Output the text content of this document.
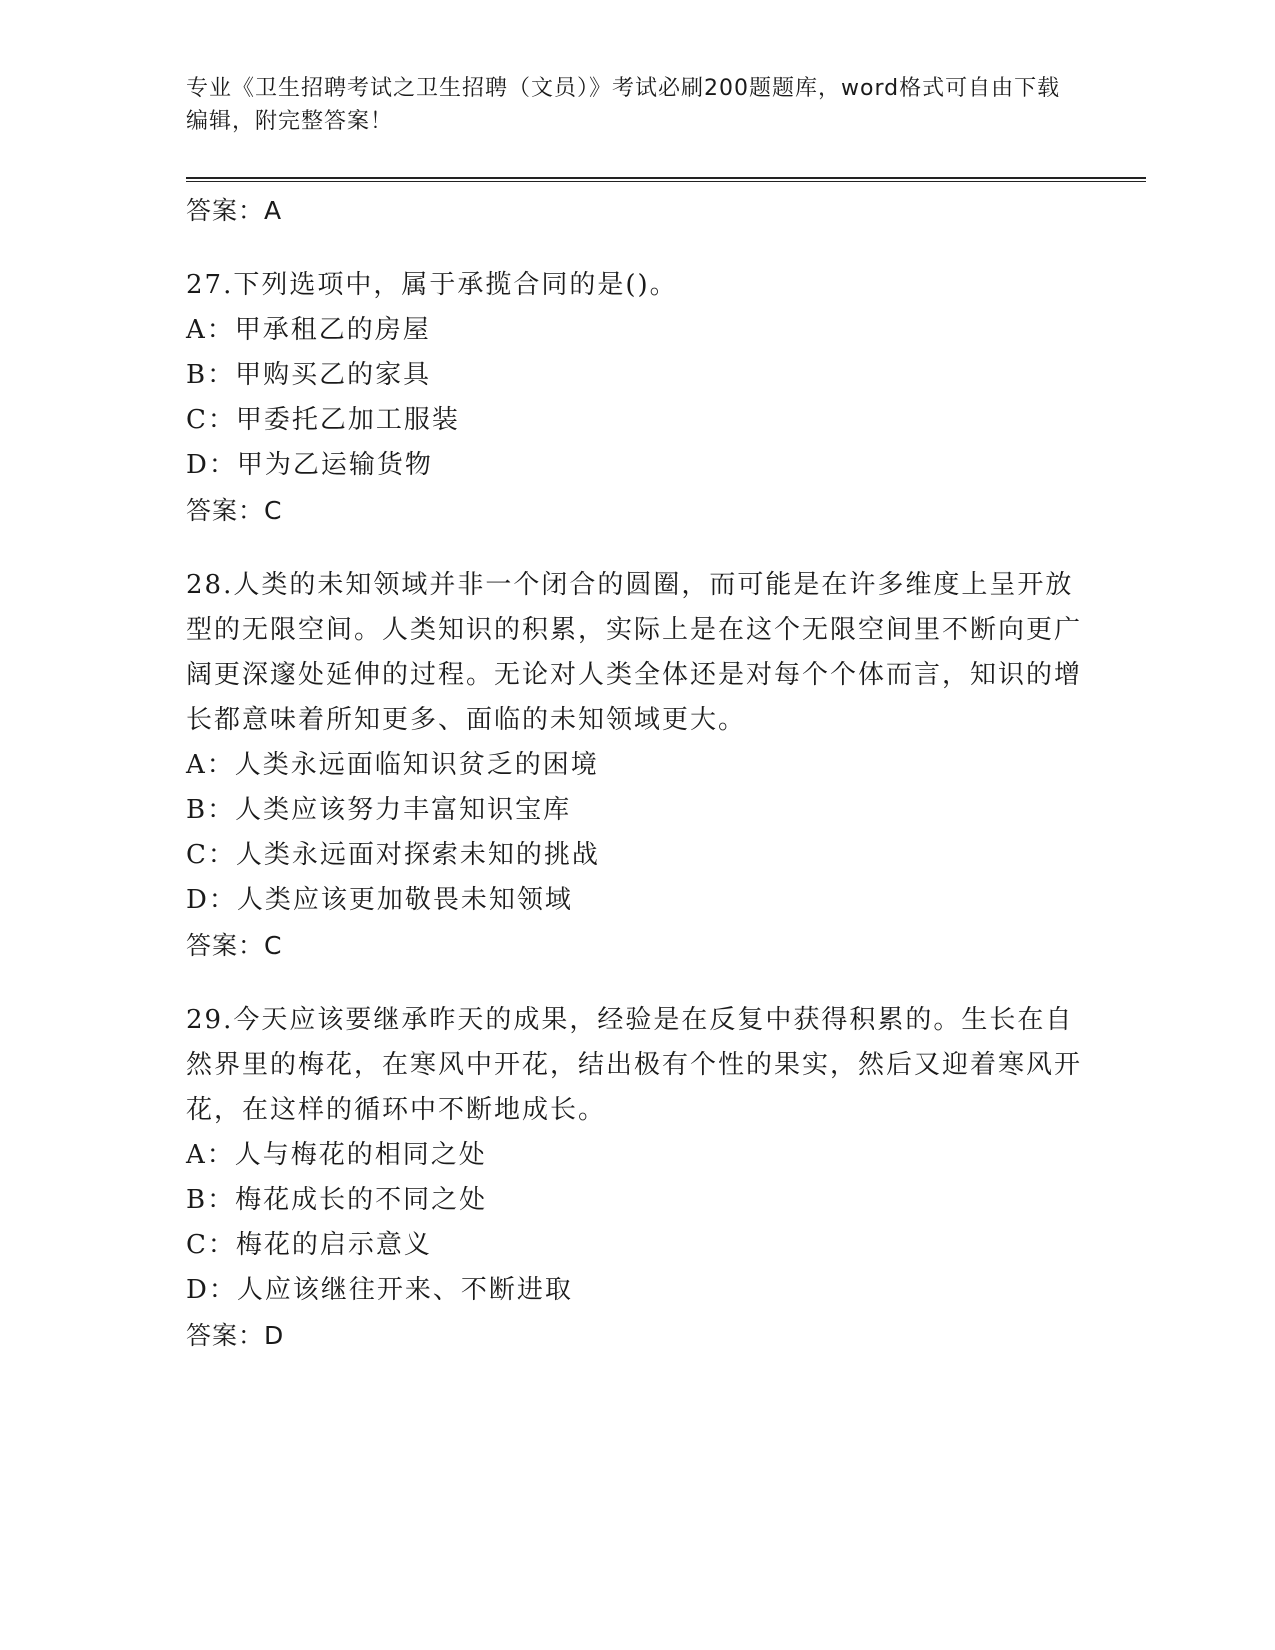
专业《卫生招聘考试之卫生招聘（文员）》考试必刷200题题库，word格式可自由下载编辑，附完整答案！
答案：A
27.下列选项中，属于承揽合同的是()。
A：甲承租乙的房屋
B：甲购买乙的家具
C：甲委托乙加工服装
D：甲为乙运输货物
答案：C
28.人类的未知领域并非一个闭合的圆圈，而可能是在许多维度上呈开放型的无限空间。人类知识的积累，实际上是在这个无限空间里不断向更广阔更深邃处延伸的过程。无论对人类全体还是对每个个体而言，知识的增长都意味着所知更多、面临的未知领域更大。
A：人类永远面临知识贫乏的困境
B：人类应该努力丰富知识宝库
C：人类永远面对探索未知的挑战
D：人类应该更加敬畏未知领域
答案：C
29.今天应该要继承昨天的成果，经验是在反复中获得积累的。生长在自然界里的梅花，在寒风中开花，结出极有个性的果实，然后又迎着寒风开花，在这样的循环中不断地成长。
A：人与梅花的相同之处
B：梅花成长的不同之处
C：梅花的启示意义
D：人应该继往开来、不断进取
答案：D
